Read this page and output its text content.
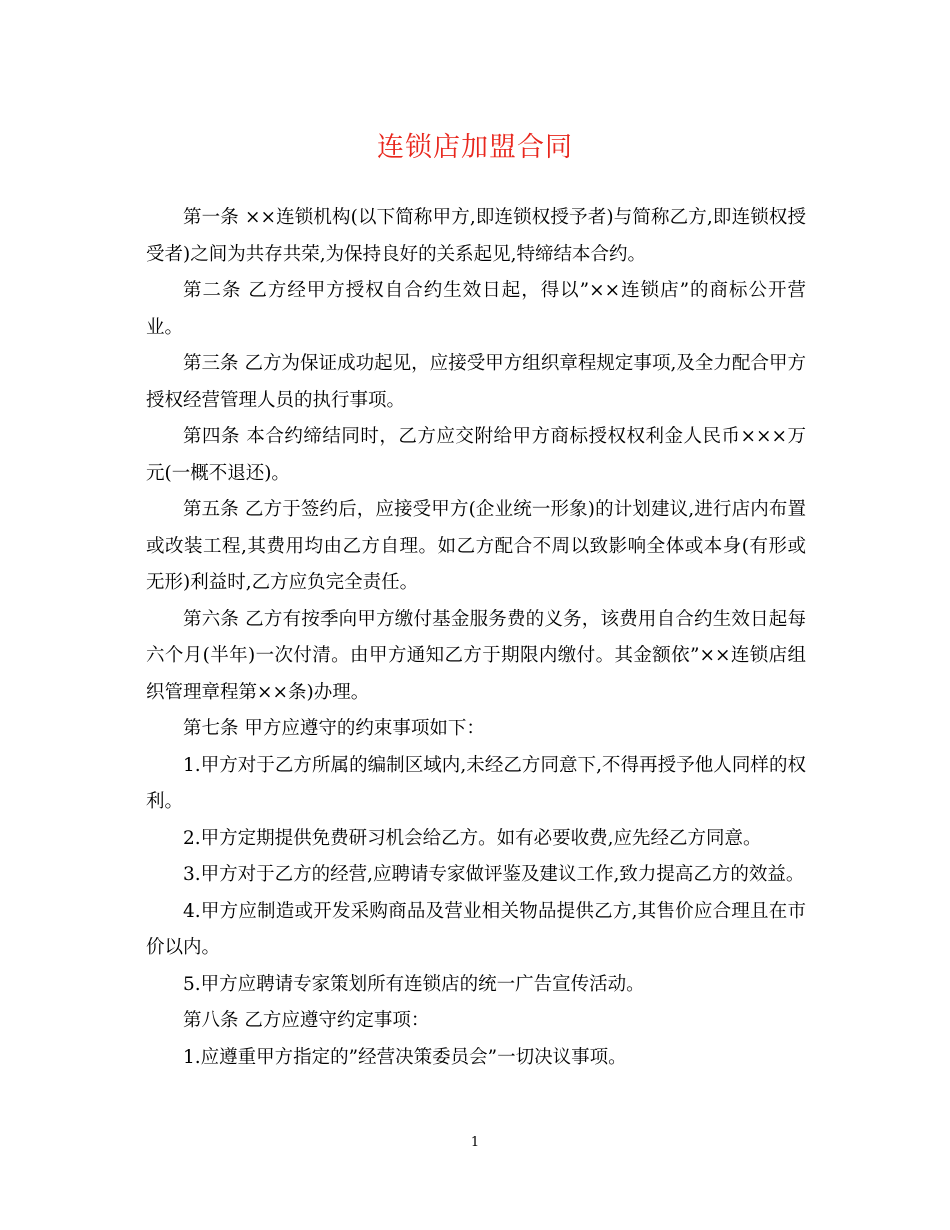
连锁店加盟合同

第一条 ××连锁机构(以下简称甲方,即连锁权授予者)与简称乙方,即连锁权授受者)之间为共存共荣,为保持良好的关系起见,特缔结本合约。

第二条 乙方经甲方授权自合约生效日起，得以”××连锁店”的商标公开营业。

第三条 乙方为保证成功起见，应接受甲方组织章程规定事项,及全力配合甲方授权经营管理人员的执行事项。

第四条 本合约缔结同时，乙方应交附给甲方商标授权权利金人民币×××万元(一概不退还)。

第五条 乙方于签约后，应接受甲方(企业统一形象)的计划建议,进行店内布置或改装工程,其费用均由乙方自理。如乙方配合不周以致影响全体或本身(有形或无形)利益时,乙方应负完全责任。

第六条 乙方有按季向甲方缴付基金服务费的义务，该费用自合约生效日起每六个月(半年)一次付清。由甲方通知乙方于期限内缴付。其金额依”××连锁店组织管理章程第××条)办理。

第七条 甲方应遵守的约束事项如下：

1.甲方对于乙方所属的编制区域内,未经乙方同意下,不得再授予他人同样的权利。

2.甲方定期提供免费研习机会给乙方。如有必要收费,应先经乙方同意。

3.甲方对于乙方的经营,应聘请专家做评鉴及建议工作,致力提高乙方的效益。

4.甲方应制造或开发采购商品及营业相关物品提供乙方,其售价应合理且在市价以内。

5.甲方应聘请专家策划所有连锁店的统一广告宣传活动。

第八条 乙方应遵守约定事项：

1.应遵重甲方指定的”经营决策委员会”一切决议事项。

1
